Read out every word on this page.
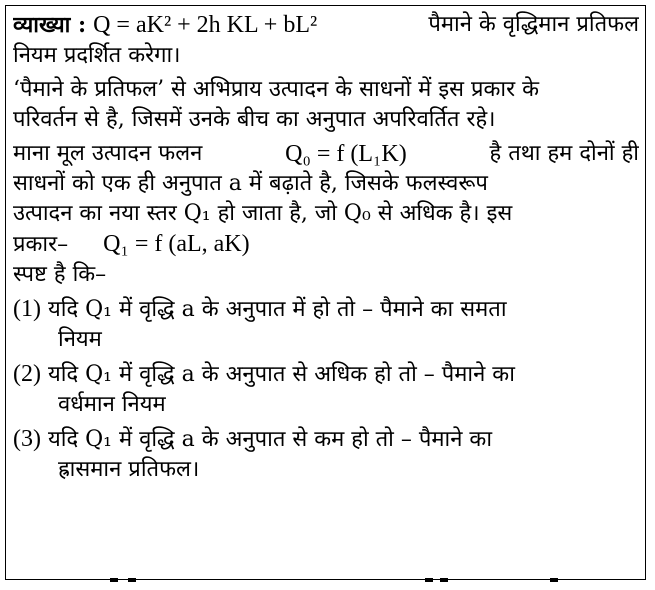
व्याख्या : Q = aK² + 2h KL + bL²	पैमाने के वृद्धिमान प्रतिफल
नियम प्रदर्शित करेगा।
‘पैमाने के प्रतिफल’ से अभिप्राय उत्पादन के साधनों में इस प्रकार के
परिवर्तन से है, जिसमें उनके बीच का अनुपात अपरिवर्तित रहे।
माना मूल उत्पादन फलन	Q₀ = f (L₁K)	है तथा हम दोनों ही
साधनों को एक ही अनुपात a में बढ़ाते है, जिसके फलस्वरूप
उत्पादन का नया स्तर Q₁ हो जाता है, जो Q₀ से अधिक है। इस
प्रकार– Q₁ = f (aL, aK)
स्पष्ट है कि–
(1) यदि Q₁ में वृद्धि a के अनुपात में हो तो – पैमाने का समता
नियम
(2) यदि Q₁ में वृद्धि a के अनुपात से अधिक हो तो – पैमाने का
वर्धमान नियम
(3) यदि Q₁ में वृद्धि a के अनुपात से कम हो तो – पैमाने का
ह्रासमान प्रतिफल।
